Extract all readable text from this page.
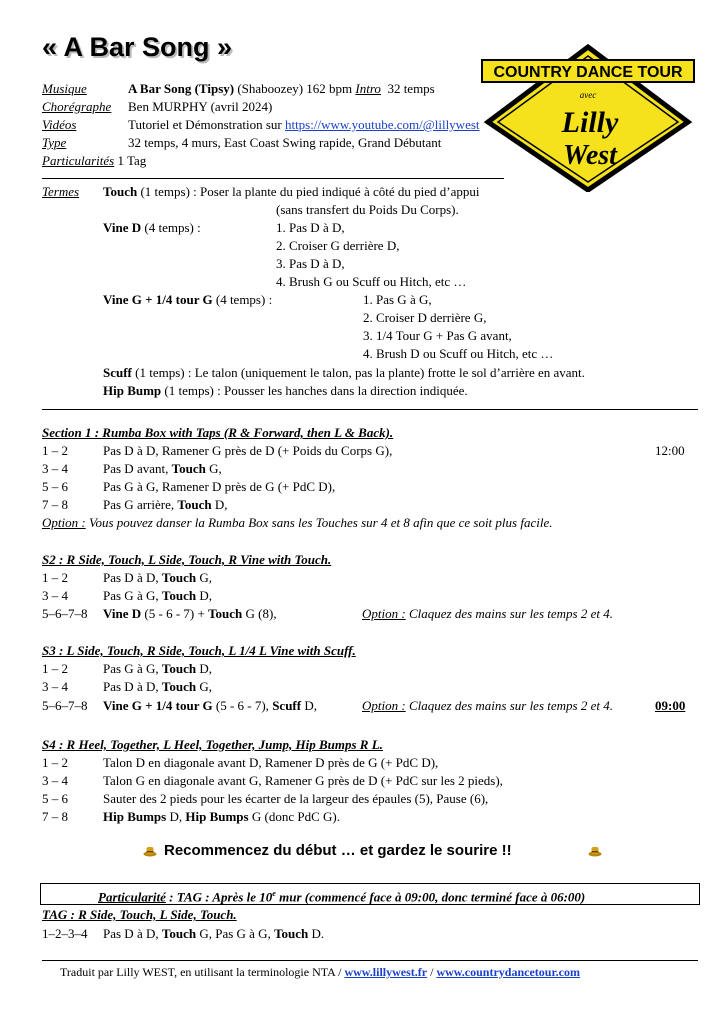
« A Bar Song »
COUNTRY DANCE TOUR
avec
Lilly
West
Musique	A Bar Song (Tipsy) (Shaboozey) 162 bpm Intro 32 temps
Chorégraphe Ben MURPHY (avril 2024)
Vidéos	Tutoriel et Démonstration sur https://www.youtube.com/@lillywest
Type	32 temps, 4 murs, East Coast Swing rapide, Grand Débutant
Particularités 1 Tag
Termes Touch (1 temps) : Poser la plante du pied indiqué à côté du pied d’appui
(sans transfert du Poids Du Corps).
Vine D (4 temps) :	1. Pas D à D,
2. Croiser G derrière D,
3. Pas D à D,
4. Brush G ou Scuff ou Hitch, etc …
Vine G + 1/4 tour G (4 temps) :	1. Pas G à G,
2. Croiser D derrière G,
3. 1/4 Tour G + Pas G avant,
4. Brush D ou Scuff ou Hitch, etc …
Scuff (1 temps) : Le talon (uniquement le talon, pas la plante) frotte le sol d’arrière en avant.
Hip Bump (1 temps) : Pousser les hanches dans la direction indiquée.
Section 1 : Rumba Box with Taps (R & Forward, then L & Back).
1 – 2	Pas D à D, Ramener G près de D (+ Poids du Corps G),	12:00
3 – 4	Pas D avant, Touch G,
5 – 6	Pas G à G, Ramener D près de G (+ PdC D),
7 – 8	Pas G arrière, Touch D,
Option : Vous pouvez danser la Rumba Box sans les Touches sur 4 et 8 afin que ce soit plus facile.
S2 : R Side, Touch, L Side, Touch, R Vine with Touch.
1 – 2	Pas D à D, Touch G,
3 – 4	Pas G à G, Touch D,
5–6–7–8 Vine D (5 - 6 - 7) + Touch G (8),	Option : Claquez des mains sur les temps 2 et 4.
S3 : L Side, Touch, R Side, Touch, L 1/4 L Vine with Scuff.
1 – 2	Pas G à G, Touch D,
3 – 4	Pas D à D, Touch G,
5–6–7–8 Vine G + 1/4 tour G (5 - 6 - 7), Scuff D,	Option : Claquez des mains sur les temps 2 et 4.	09:00
S4 : R Heel, Together, L Heel, Together, Jump, Hip Bumps R L.
1 – 2	Talon D en diagonale avant D, Ramener D près de G (+ PdC D),
3 – 4	Talon G en diagonale avant G, Ramener G près de D (+ PdC sur les 2 pieds),
5 – 6	Sauter des 2 pieds pour les écarter de la largeur des épaules (5), Pause (6),
7 – 8	Hip Bumps D, Hip Bumps G (donc PdC G).
Recommencez du début … et gardez le sourire !!
Particularité : TAG : Après le 10e mur (commencé face à 09:00, donc terminé face à 06:00)
TAG : R Side, Touch, L Side, Touch.
1–2–3–4 Pas D à D, Touch G, Pas G à G, Touch D.
Traduit par Lilly WEST, en utilisant la terminologie NTA / www.lillywest.fr / www.countrydancetour.com
